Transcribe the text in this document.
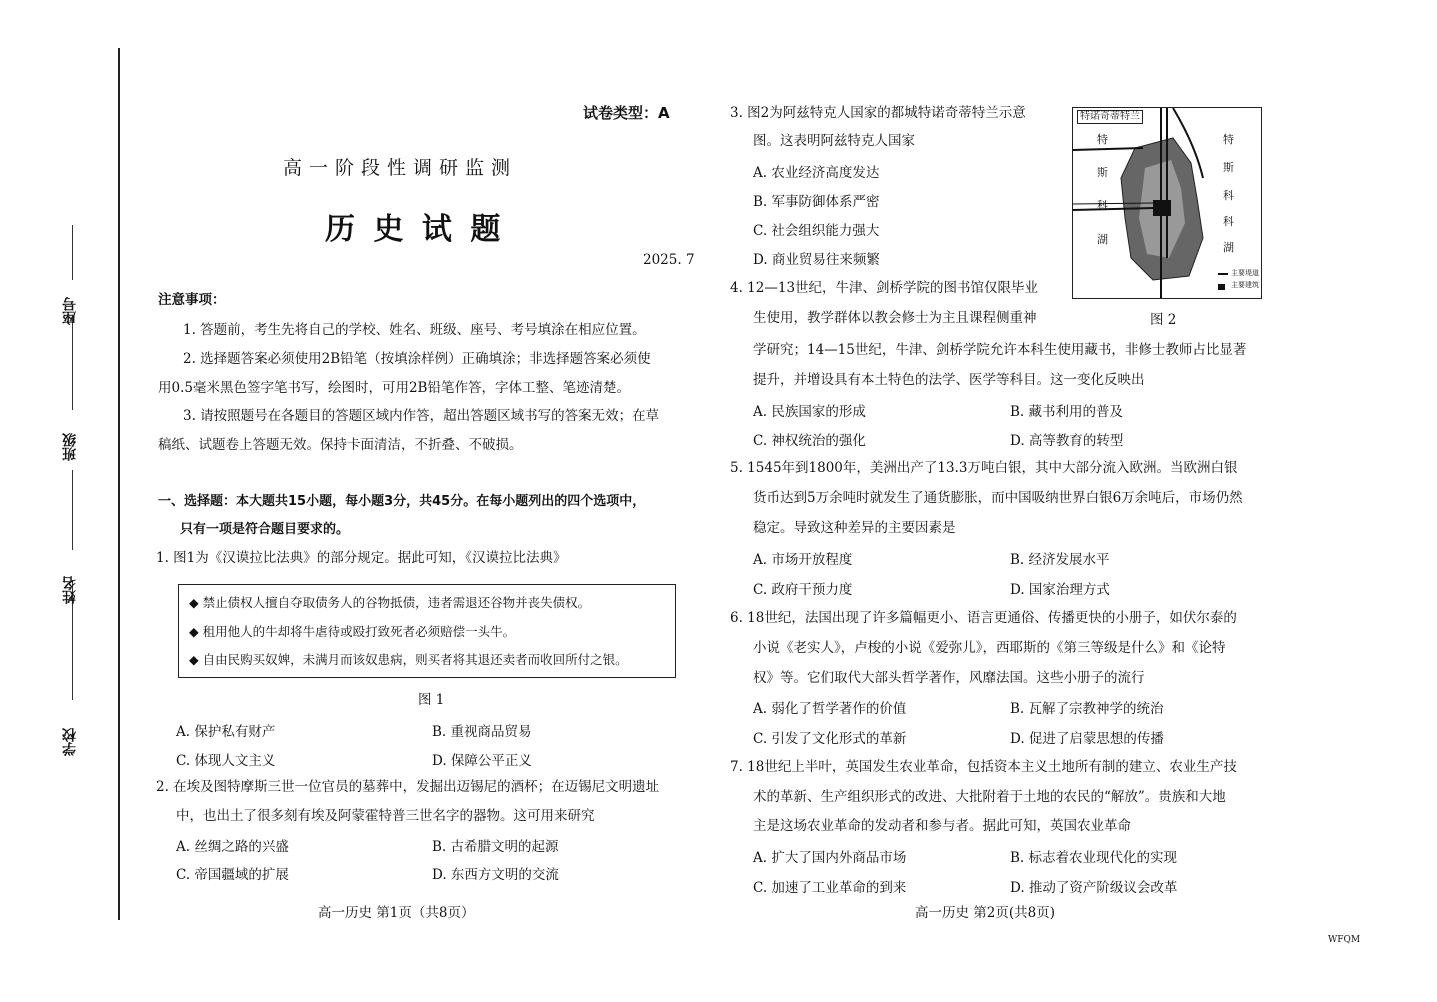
学校
姓名
班级
座号
试卷类型：A
高一阶段性调研监测
历 史 试 题
2025. 7
注意事项：
1. 答题前，考生先将自己的学校、姓名、班级、座号、考号填涂在相应位置。
2. 选择题答案必须使用2B铅笔（按填涂样例）正确填涂；非选择题答案必须使
用0.5毫米黑色签字笔书写，绘图时，可用2B铅笔作答，字体工整、笔迹清楚。
3. 请按照题号在各题目的答题区域内作答，超出答题区域书写的答案无效；在草
稿纸、试题卷上答题无效。保持卡面清洁，不折叠、不破损。
一、选择题：本大题共15小题，每小题3分，共45分。在每小题列出的四个选项中，
只有一项是符合题目要求的。
1. 图1为《汉谟拉比法典》的部分规定。据此可知，《汉谟拉比法典》
◆ 禁止债权人擅自夺取债务人的谷物抵债，违者需退还谷物并丧失债权。
◆ 租用他人的牛却将牛虐待或殴打致死者必须赔偿一头牛。
◆ 自由民购买奴婢，未满月而该奴患病，则买者将其退还卖者而收回所付之银。
图 1
A. 保护私有财产	B. 重视商品贸易
C. 体现人文主义	D. 保障公平正义
2. 在埃及图特摩斯三世一位官员的墓葬中，发掘出迈锡尼的酒杯；在迈锡尼文明遗址
中，也出土了很多刻有埃及阿蒙霍特普三世名字的器物。这可用来研究
A. 丝绸之路的兴盛	B. 古希腊文明的起源
C. 帝国疆域的扩展	D. 东西方文明的交流
高一历史 第1页（共8页）
3. 图2为阿兹特克人国家的都城特诺奇蒂特兰示意
图。这表明阿兹特克人国家
A. 农业经济高度发达
B. 军事防御体系严密
C. 社会组织能力强大
D. 商业贸易往来频繁
特诺奇蒂特兰
特
斯
科
湖
特
斯
科
科
湖
主要堤道
主要建筑
图 2
4. 12—13世纪，牛津、剑桥学院的图书馆仅限毕业
生使用，教学群体以教会修士为主且课程侧重神
学研究；14—15世纪，牛津、剑桥学院允许本科生使用藏书，非修士教师占比显著
提升，并增设具有本土特色的法学、医学等科目。这一变化反映出
A. 民族国家的形成	B. 藏书利用的普及
C. 神权统治的强化	D. 高等教育的转型
5. 1545年到1800年，美洲出产了13.3万吨白银，其中大部分流入欧洲。当欧洲白银
货币达到5万余吨时就发生了通货膨胀，而中国吸纳世界白银6万余吨后，市场仍然
稳定。导致这种差异的主要因素是
A. 市场开放程度	B. 经济发展水平
C. 政府干预力度	D. 国家治理方式
6. 18世纪，法国出现了许多篇幅更小、语言更通俗、传播更快的小册子，如伏尔泰的
小说《老实人》，卢梭的小说《爱弥儿》，西耶斯的《第三等级是什么》和《论特
权》等。它们取代大部头哲学著作，风靡法国。这些小册子的流行
A. 弱化了哲学著作的价值	B. 瓦解了宗教神学的统治
C. 引发了文化形式的革新	D. 促进了启蒙思想的传播
7. 18世纪上半叶，英国发生农业革命，包括资本主义土地所有制的建立、农业生产技
术的革新、生产组织形式的改进、大批附着于土地的农民的“解放”。贵族和大地
主是这场农业革命的发动者和参与者。据此可知，英国农业革命
A. 扩大了国内外商品市场	B. 标志着农业现代化的实现
C. 加速了工业革命的到来	D. 推动了资产阶级议会改革
高一历史 第2页(共8页)
WFQM
